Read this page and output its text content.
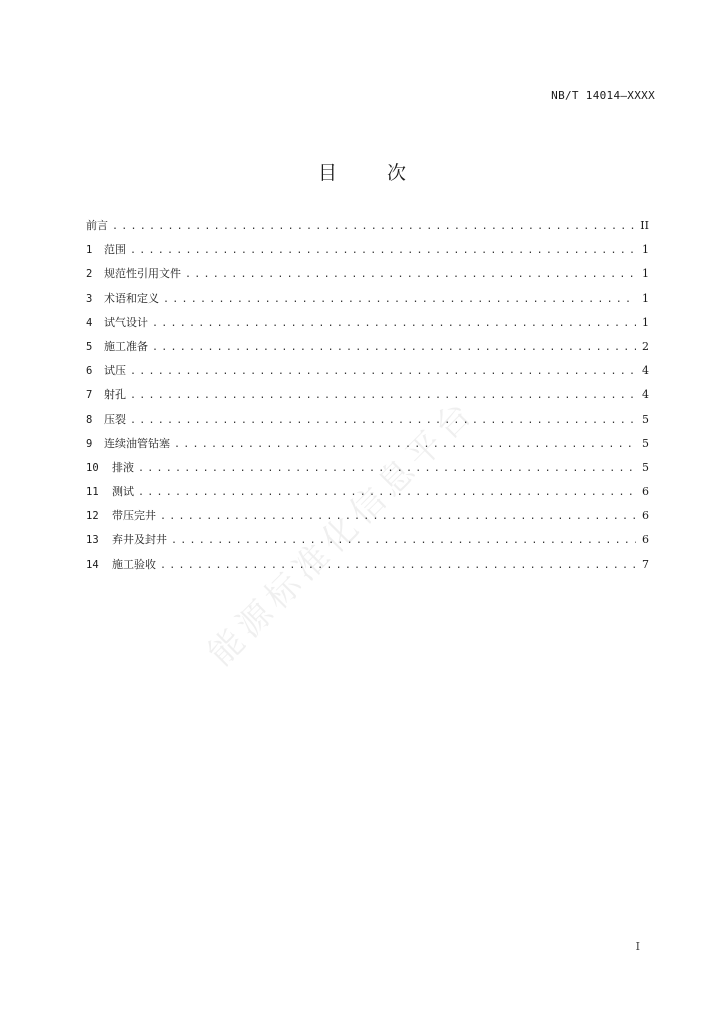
NB/T 14014—XXXX
目 次
前言 . . .	II
1	范围 . . .	1
2	规范性引用文件 . . .	1
3	术语和定义 . . .	1
4	试气设计 . . .	1
5	施工准备 . . .	2
6	试压 . . .	4
7	射孔 . . .	4
8	压裂 . . .	5
9	连续油管钻塞 . . .	5
10	排液 . . .	5
11	测试 . . .	6
12	带压完井 . . .	6
13	弃井及封井 . . .	6
14	施工验收 . . .	7
能源标准化信息平台
I
